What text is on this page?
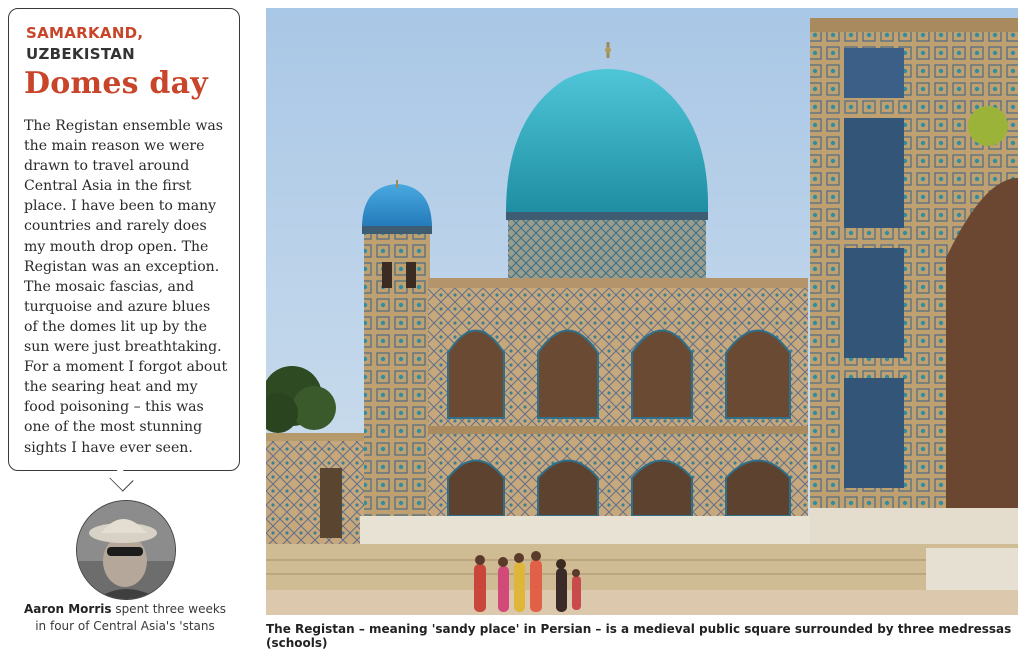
SAMARKAND,
UZBEKISTAN
Domes day
The Registan ensemble was
the main reason we were
drawn to travel around
Central Asia in the first
place. I have been to many
countries and rarely does
my mouth drop open. The
Registan was an exception.
The mosaic fascias, and
turquoise and azure blues
of the domes lit up by the
sun were just breathtaking.
For a moment I forgot about
the searing heat and my
food poisoning – this was
one of the most stunning
sights I have ever seen.
Aaron Morris spent three weeks
in four of Central Asia's 'stans	The Registan – meaning 'sandy place' in Persian – is a medieval public square surrounded by three medressas (schools)
